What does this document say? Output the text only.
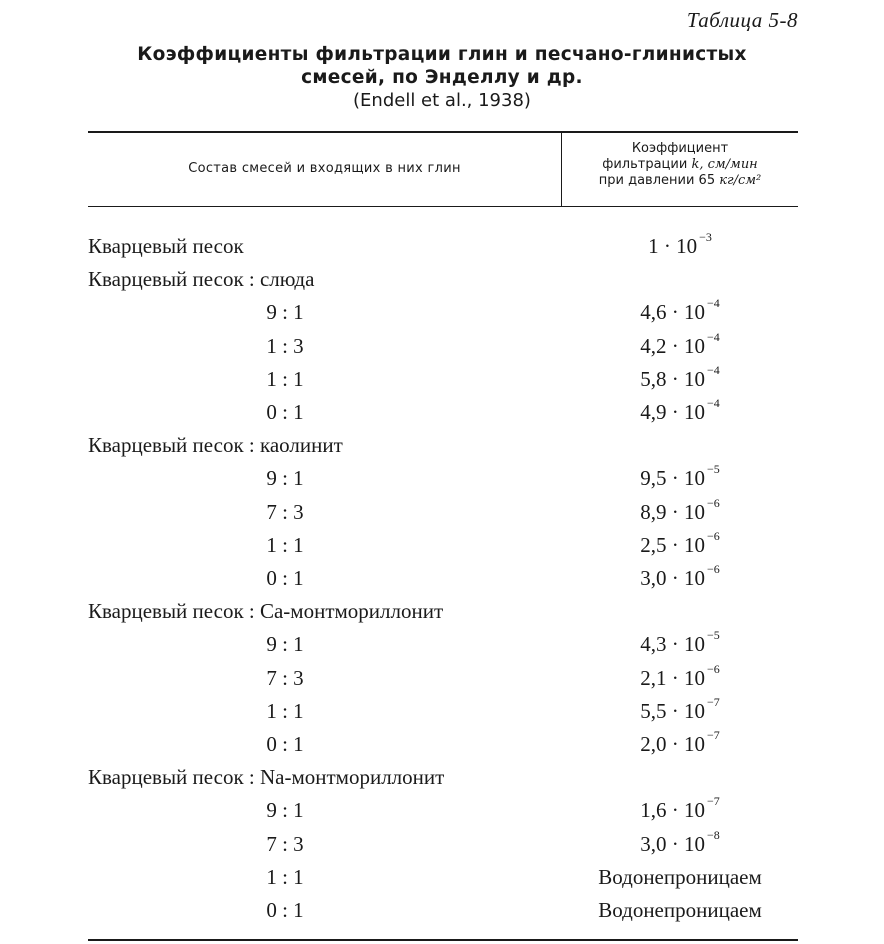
Таблица 5-8
Коэффициенты фильтрации глин и песчано-глинистых
смесей, по Энделлу и др.
(Endell et al., 1938)
Состав смесей и входящих в них глин
Коэффициент
фильтрации k, см/мин
при давлении 65 кг/см²
Кварцевый песок	1 · 10 $^{-3}$
Кварцевый песок : слюда
9 : 1	4,6 · 10 $^{-4}$
1 : 3	4,2 · 10 $^{-4}$
1 : 1	5,8 · 10 $^{-4}$
0 : 1	4,9 · 10 $^{-4}$
Кварцевый песок : каолинит
9 : 1	9,5 · 10 $^{-5}$
7 : 3	8,9 · 10 $^{-6}$
1 : 1	2,5 · 10 $^{-6}$
0 : 1	3,0 · 10 $^{-6}$
Кварцевый песок : Ca-монтмориллонит
9 : 1	4,3 · 10 $^{-5}$
7 : 3	2,1 · 10 $^{-6}$
1 : 1	5,5 · 10 $^{-7}$
0 : 1	2,0 · 10 $^{-7}$
Кварцевый песок : Na-монтмориллонит
9 : 1	1,6 · 10 $^{-7}$
7 : 3	3,0 · 10 $^{-8}$
1 : 1	Водонепроницаем
0 : 1	Водонепроницаем
